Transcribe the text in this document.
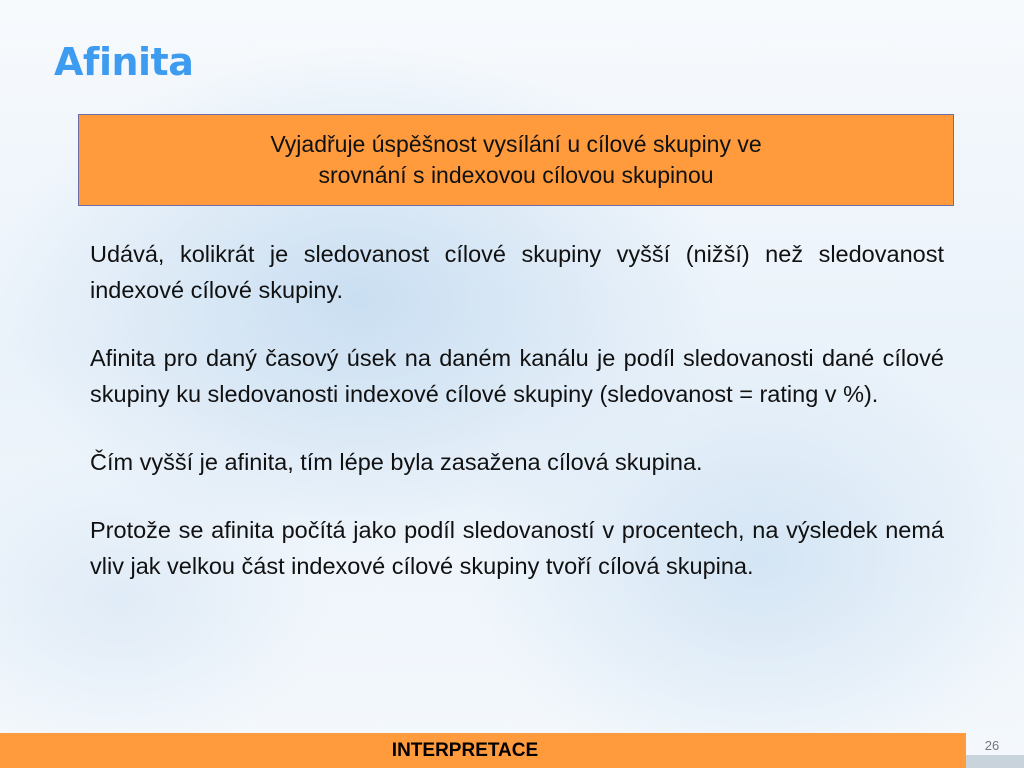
Afinita
Vyjadřuje úspěšnost vysílání u cílové skupiny ve
srovnání s indexovou cílovou skupinou

Udává, kolikrát je sledovanost cílové skupiny vyšší (nižší) než sledovanost indexové cílové skupiny.

Afinita pro daný časový úsek na daném kanálu je podíl sledovanosti dané cílové skupiny ku sledovanosti indexové cílové skupiny (sledovanost = rating v %).

Čím vyšší je afinita, tím lépe byla zasažena cílová skupina.

Protože se afinita počítá jako podíl sledovaností v procentech, na výsledek nemá vliv jak velkou část indexové cílové skupiny tvoří cílová skupina.

INTERPRETACE	26
